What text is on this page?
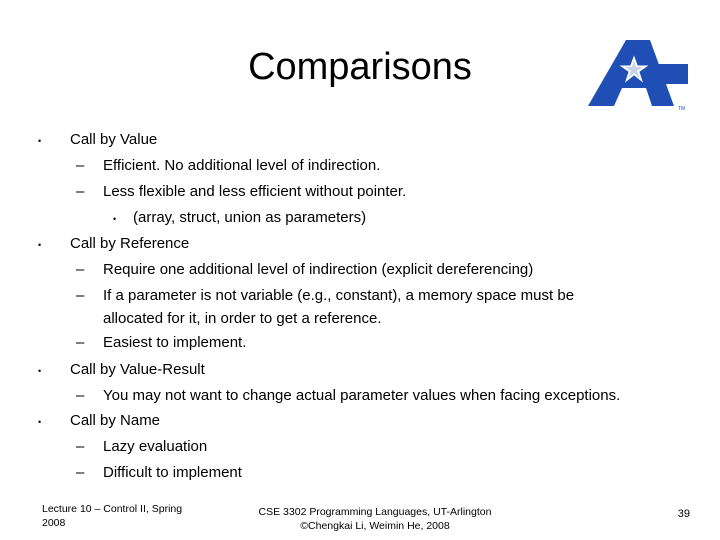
Comparisons
TM
• Call by Value
– Efficient. No additional level of indirection.
– Less flexible and less efficient without pointer.
• (array, struct, union as parameters)
• Call by Reference
– Require one additional level of indirection (explicit dereferencing)
– If a parameter is not variable (e.g., constant), a memory space must be
allocated for it, in order to get a reference.
– Easiest to implement.
• Call by Value-Result
– You may not want to change actual parameter values when facing exceptions.
• Call by Name
– Lazy evaluation
– Difficult to implement
Lecture 10 – Control II, Spring
2008
CSE 3302 Programming Languages, UT-Arlington
©Chengkai Li, Weimin He, 2008
39
